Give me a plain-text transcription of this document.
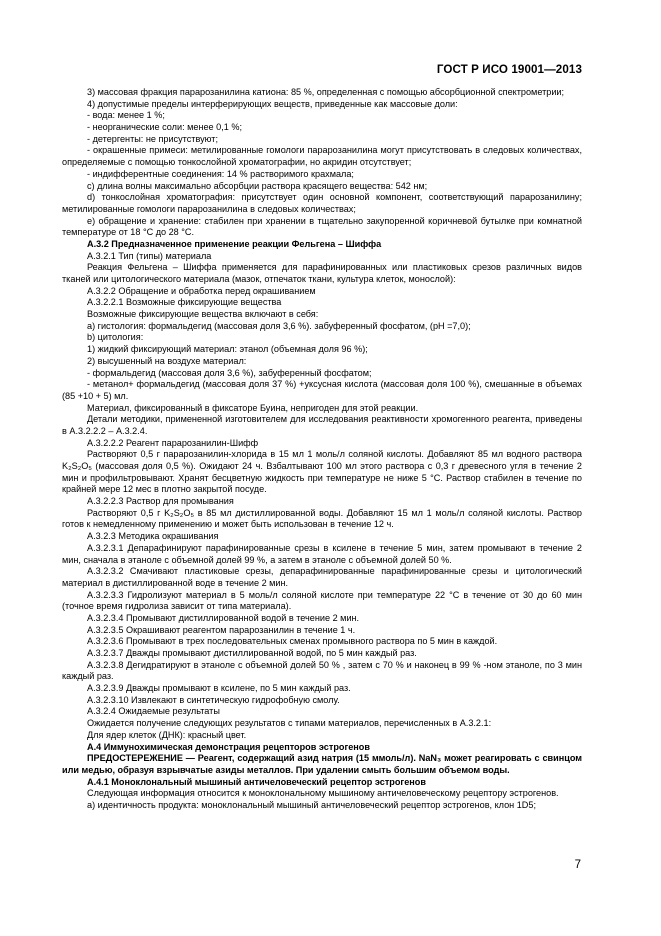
ГОСТ Р ИСО 19001—2013

3) массовая фракция парарозанилина катиона: 85 %, определенная с помощью абсорбционной спектрометрии;

4) допустимые пределы интерферирующих веществ, приведенные как массовые доли:

- вода: менее 1 %;

- неорганические соли: менее 0,1 %;

- детергенты: не присутствуют;

- окрашенные примеси: метилированные гомологи парарозанилина могут присутствовать в следовых количествах, определяемые с помощью тонкослойной хроматографии, но акридин отсутствует;

- индифферентные соединения: 14 % растворимого крахмала;

с) длина волны максимально абсорбции раствора красящего вещества: 542 нм;

d) тонкослойная хроматография: присутствует один основной компонент, соответствующий парарозанилину; метилированные гомологи парарозанилина в следовых количествах;

е) обращение и хранение: стабилен при хранении в тщательно закупоренной коричневой бутылке при комнатной температуре от 18 °С до 28 °С.

А.3.2 Предназначенное применение реакции Фельгена – Шиффа

А.3.2.1 Тип (типы) материала

Реакция Фельгена – Шиффа применяется для парафинированных или пластиковых срезов различных видов тканей или цитологического материала (мазок, отпечаток ткани, культура клеток, монослой):

А.3.2.2 Обращение и обработка перед окрашиванием

А.3.2.2.1 Возможные фиксирующие вещества

Возможные фиксирующие вещества включают в себя:

a) гистология: формальдегид (массовая доля 3,6 %). забуференный фосфатом, (pH =7,0);

b) цитология:

1) жидкий фиксирующий материал: этанол (объемная доля 96 %);

2) высушенный на воздухе материал:

- формальдегид (массовая доля 3,6 %), забуференный фосфатом;

- метанол+ формальдегид (массовая доля 37 %) +уксусная кислота (массовая доля 100 %), смешанные в объемах (85 +10 + 5) мл.

Материал, фиксированный в фиксаторе Буина, непригоден для этой реакции.

Детали методики, примененной изготовителем для исследования реактивности хромогенного реагента, приведены в А.3.2.2.2 – А.3.2.4.

А.3.2.2.2 Реагент парарозанилин-Шифф

Растворяют 0,5 г парарозанилин-хлорида в 15 мл 1 моль/л соляной кислоты. Добавляют 85 мл водного раствора K₂S₂O₅ (массовая доля 0,5 %). Ожидают 24 ч. Взбалтывают 100 мл этого раствора с 0,3 г древесного угля в течение 2 мин и профильтровывают. Хранят бесцветную жидкость при температуре не ниже 5 °С. Раствор стабилен в течение по крайней мере 12 мес в плотно закрытой посуде.

А.3.2.2.3 Раствор для промывания

Растворяют 0,5 г K₂S₂O₅ в 85 мл дистиллированной воды. Добавляют 15 мл 1 моль/л соляной кислоты. Раствор готов к немедленному применению и может быть использован в течение 12 ч.

А.3.2.3 Методика окрашивания

А.3.2.3.1 Депарафинируют парафинированные срезы в ксилене в течение 5 мин, затем промывают в течение 2 мин, сначала в этаноле с объемной долей 99 %, а затем в этаноле с объемной долей 50 %.

А.3.2.3.2 Смачивают пластиковые срезы, депарафинированные парафинированные срезы и цитологический материал в дистиллированной воде в течение 2 мин.

А.3.2.3.3 Гидролизуют материал в 5 моль/л соляной кислоте при температуре 22 °С в течение от 30 до 60 мин (точное время гидролиза зависит от типа материала).

А.3.2.3.4 Промывают дистиллированной водой в течение 2 мин.

А.3.2.3.5 Окрашивают реагентом парарозанилин в течение 1 ч.

А.3.2.3.6 Промывают в трех последовательных сменах промывного раствора по 5 мин в каждой.

А.3.2.3.7 Дважды промывают дистиллированной водой, по 5 мин каждый раз.

А.3.2.3.8 Дегидратируют в этаноле с объемной долей 50 % , затем с 70 % и наконец в 99 % -ном этаноле, по 3 мин каждый раз.

А.3.2.3.9 Дважды промывают в ксилене, по 5 мин каждый раз.

А.3.2.3.10 Извлекают в синтетическую гидрофобную смолу.

А.3.2.4 Ожидаемые результаты

Ожидается получение следующих результатов с типами материалов, перечисленных в А.3.2.1:

Для ядер клеток (ДНК): красный цвет.

А.4 Иммунохимическая демонстрация рецепторов эстрогенов

ПРЕДОСТЕРЕЖЕНИЕ — Реагент, содержащий азид натрия (15 ммоль/л). NaN₃ может реагировать с свинцом или медью, образуя взрывчатые азиды металлов. При удалении смыть большим объемом воды.

А.4.1 Моноклональный мышиный античеловеческий рецептор эстрогенов

Следующая информация относится к моноклональному мышиному античеловеческому рецептору эстрогенов.

а) идентичность продукта: моноклональный мышиный античеловеческий рецептор эстрогенов, клон 1D5;

7
